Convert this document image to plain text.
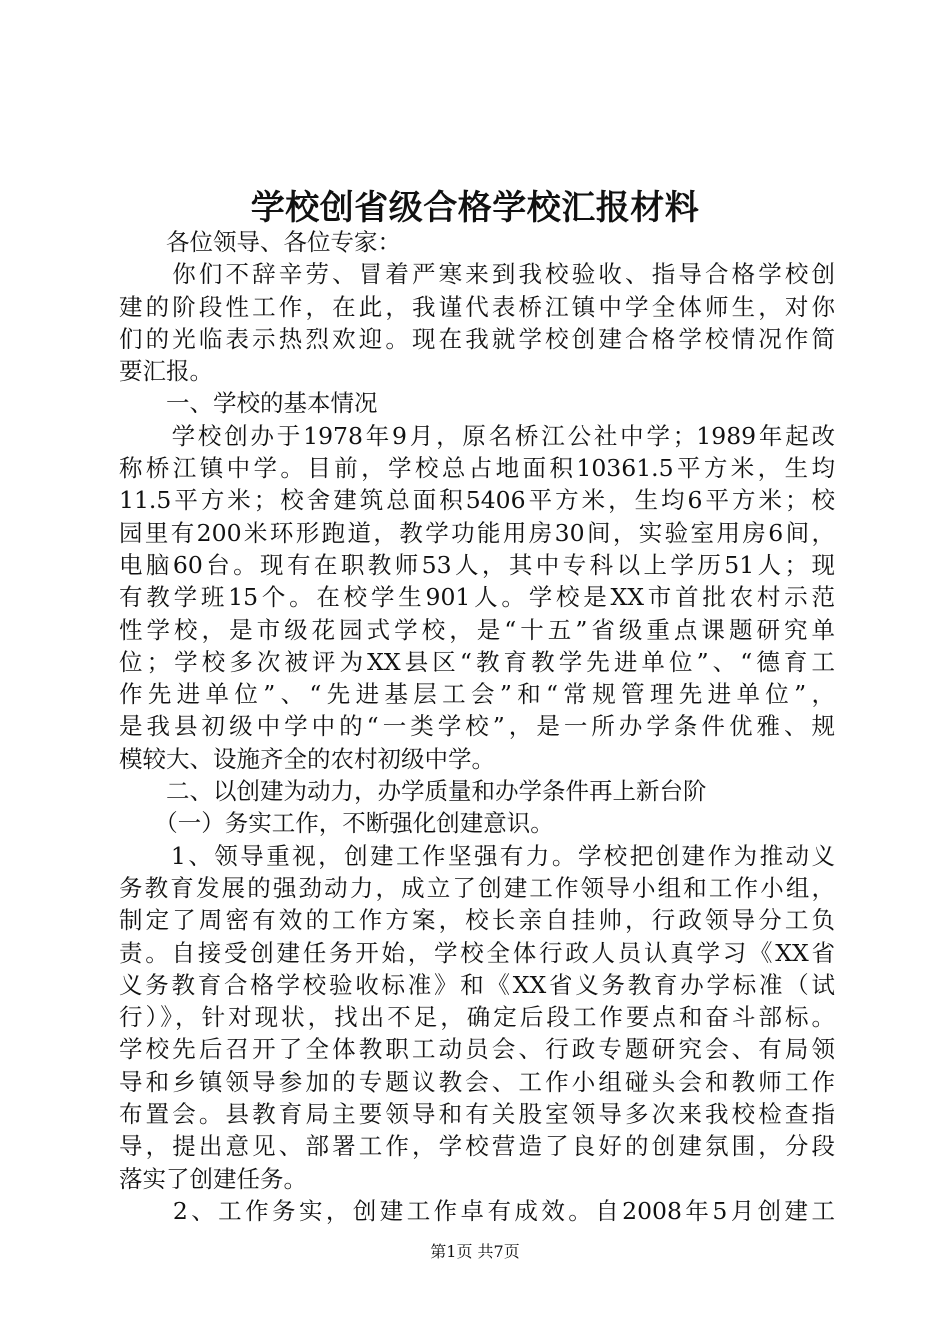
学校创省级合格学校汇报材料
　　各位领导、各位专家：
　　你们不辞辛劳、冒着严寒来到我校验收、指导合格学校创
建的阶段性工作，在此，我谨代表桥江镇中学全体师生，对你
们的光临表示热烈欢迎。现在我就学校创建合格学校情况作简
要汇报。
　　一、学校的基本情况
　　学校创办于1978年9月，原名桥江公社中学；1989年起改
称桥江镇中学。目前，学校总占地面积10361.5平方米，生均
11.5平方米；校舍建筑总面积5406平方米，生均6平方米；校
园里有200米环形跑道，教学功能用房30间，实验室用房6间，
电脑60台。现有在职教师53人，其中专科以上学历51人；现
有教学班15个。在校学生901人。学校是XX市首批农村示范
性学校，是市级花园式学校，是“十五”省级重点课题研究单
位；学校多次被评为XX县区“教育教学先进单位”、“德育工
作先进单位”、“先进基层工会”和“常规管理先进单位”，
是我县初级中学中的“一类学校”，是一所办学条件优雅、规
模较大、设施齐全的农村初级中学。
　　二、以创建为动力，办学质量和办学条件再上新台阶
　　（一）务实工作，不断强化创建意识。
　　1、领导重视，创建工作坚强有力。学校把创建作为推动义
务教育发展的强劲动力，成立了创建工作领导小组和工作小组，
制定了周密有效的工作方案，校长亲自挂帅，行政领导分工负
责。自接受创建任务开始，学校全体行政人员认真学习《XX省
义务教育合格学校验收标准》和《XX省义务教育办学标准（试
行）》，针对现状，找出不足，确定后段工作要点和奋斗部标。
学校先后召开了全体教职工动员会、行政专题研究会、有局领
导和乡镇领导参加的专题议教会、工作小组碰头会和教师工作
布置会。县教育局主要领导和有关股室领导多次来我校检查指
导，提出意见、部署工作，学校营造了良好的创建氛围，分段
落实了创建任务。
　　2、工作务实，创建工作卓有成效。自2008年5月创建工
第1页 共7页
